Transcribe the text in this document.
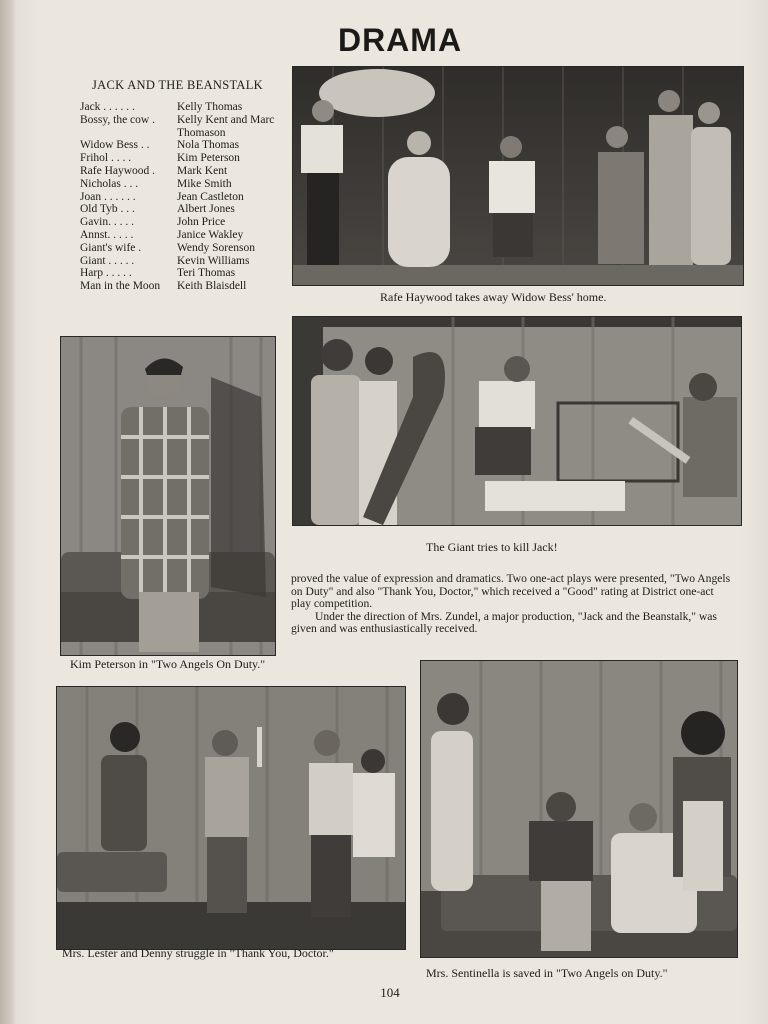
DRAMA
JACK AND THE BEANSTALK
Jack . . . . . .	Kelly Thomas
Bossy, the cow .	Kelly Kent and Marc Thomason
Widow Bess . .	Nola Thomas
Frihol . . . .	Kim Peterson
Rafe Haywood .	Mark Kent
Nicholas . . .	Mike Smith
Joan . . . . . .	Jean Castleton
Old Tyb . . .	Albert Jones
Gavin. . . . .	John Price
Annst. . . . .	Janice Wakley
Giant's wife .	Wendy Sorenson
Giant . . . . .	Kevin Williams
Harp . . . . .	Teri Thomas
Man in the Moon	Keith Blaisdell
Rafe Haywood takes away Widow Bess' home.
Kim Peterson in "Two Angels On Duty."
The Giant tries to kill Jack!

proved the value of expression and dramatics. Two one-act plays were presented, "Two Angels on Duty" and also "Thank You, Doctor," which received a "Good" rating at District one-act play competition.

Under the direction of Mrs. Zundel, a major production, "Jack and the Beanstalk," was given and was enthusiastically received.

Mrs. Lester and Denny struggle in "Thank You, Doctor."
Mrs. Sentinella is saved in "Two Angels on Duty."
104
